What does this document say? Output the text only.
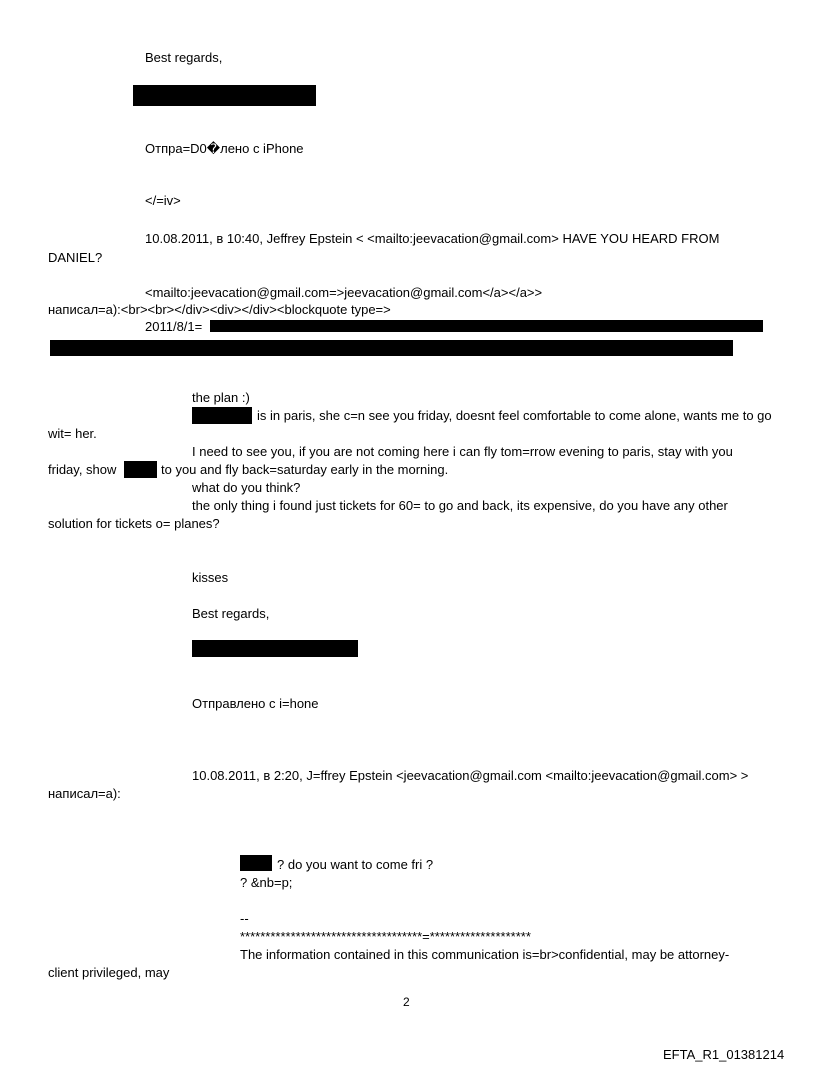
Best regards,
Отпра=D0�лено с iPhone
</=iv>
10.08.2011, в 10:40, Jeffrey Epstein < <mailto:jeevacation@gmail.com> HAVE YOU HEARD FROM
DANIEL?
<mailto:jeevacation@gmail.com=>jeevacation@gmail.com</a></a>>
написал=a):<br><br></div><div></div><blockquote type=>
2011/8/1=
the plan :)
is in paris, she c=n see you friday, doesnt feel comfortable to come alone, wants me to go
wit= her.
I need to see you, if you are not coming here i can fly tom=rrow evening to paris, stay with you
friday, show	to you and fly back=saturday early in the morning.
what do you think?
the only thing i found just tickets for 60= to go and back, its expensive, do you have any other
solution for tickets o= planes?
kisses
Best regards,
Отправлено с i=hone
10.08.2011, в 2:20, J=ffrey Epstein <jeevacation@gmail.com <mailto:jeevacation@gmail.com> >
написал=a):
? do you want to come fri ?
? &nb=p;
--
************************************=********************
The information contained in this communication is=br>confidential, may be attorney-
client privileged, may
2
EFTA_R1_01381214
